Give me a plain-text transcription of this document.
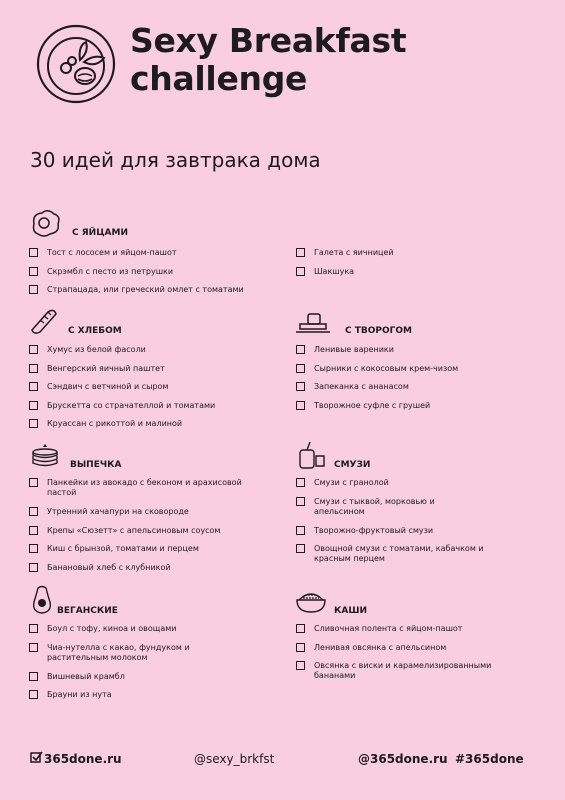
Sexy Breakfast challenge
30 идей для завтрака дома
С ЯЙЦАМИ
Тост с лососем и яйцом-пашот
Скрэмбл с песто из петрушки
Страпацада, или греческий омлет с томатами
Галета с яичницей
Шакшука
С ХЛЕБОМ
Хумус из белой фасоли
Венгерский яичный паштет
Сэндвич с ветчиной и сыром
Брускетта со страчателлой и томатами
Круассан с рикоттой и малиной
С ТВОРОГОМ
Ленивые вареники
Сырники с кокосовым крем-чизом
Запеканка с ананасом
Творожное суфле с грушей
ВЫПЕЧКА
Панкейки из авокадо с беконом и арахисовой пастой
Утренний хачапури на сковороде
Крепы «Сюзетт» с апельсиновым соусом
Киш с брынзой, томатами и перцем
Банановый хлеб с клубникой
СМУЗИ
Смузи с гранолой
Смузи с тыквой, морковью и апельсином
Творожно-фруктовый смузи
Овощной смузи с томатами, кабачком и красным перцем
ВЕГАНСКИЕ
Боул с тофу, киноа и овощами
Чиа-нутелла с какао, фундуком и растительным молоком
Вишневый крамбл
Брауни из нута
КАШИ
Сливочная полента с яйцом-пашот
Ленивая овсянка с апельсином
Овсянка с виски и карамелизированными бананами
365done.ru	@sexy_brkfst	@365done.ru #365done
